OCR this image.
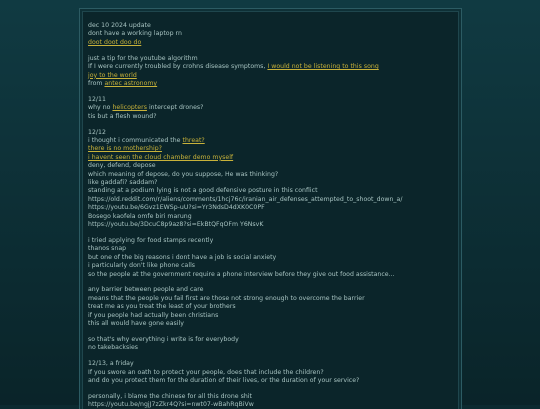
dec 10 2024 update
dont have a working laptop rn
doot doot doo do
just a tip for the youtube algorithm
If I were currently troubled by crohns disease symptoms, I would not be listening to this song
joy to the world
from antec astronomy
12/11
why no helicopters intercept drones?
tis but a flesh wound?
12/12
i thought i communicated the threat?
there is no mothership?
i havent seen the cloud chamber demo myself
deny, defend, depose
which meaning of depose, do you suppose, He was thinking?
like gaddafi? saddam?
standing at a podium lying is not a good defensive posture in this conflict
https://old.reddit.com/r/aliens/comments/1hcj76c/iranian_air_defenses_attempted_to_shoot_down_a/
https://youtu.be/6Gvz1EWSp-uU?si=Yr3NdsD4dXK0C0PF
Bosego kaofela omfe biri marung
https://youtu.be/3DcuC8p9az8?si=EkBtQFqOFm Y6NsvK
i tried applying for food stamps recently
thanos snap
but one of the big reasons i dont have a job is social anxiety
i particularly don't like phone calls
so the people at the government require a phone interview before they give out food assistance...
any barrier between people and care
means that the people you fail first are those not strong enough to overcome the barrier
treat me as you treat the least of your brothers
if you people had actually been christians
this all would have gone easily
so that's why everything i write is for everybody
no takebacksies
12/13, a friday
If you swore an oath to protect your people, does that include the children?
and do you protect them for the duration of their lives, or the duration of your service?
personally, i blame the chinese for all this drone shit
https://youtu.be/ngjJ7zZkr4Q?si=nwt07-wBahRqBiVw
